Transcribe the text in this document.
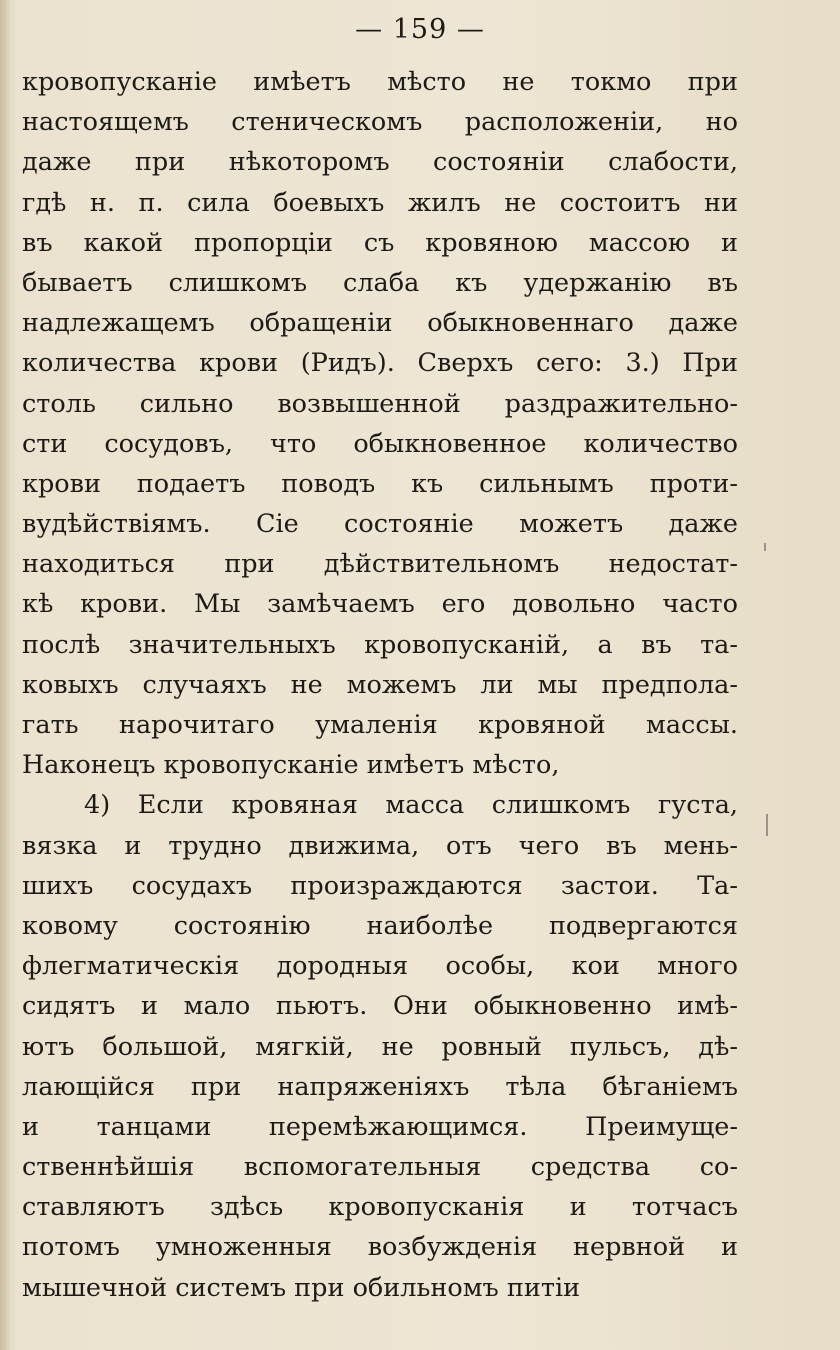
— 159 —
кровопусканіе имѣетъ мѣсто не токмо при
настоящемъ стеническомъ расположеніи, но
даже при нѣкоторомъ состояніи слабости,
гдѣ н. п. сила боевыхъ жилъ не состоитъ ни
въ какой пропорціи съ кровяною массою и
бываетъ слишкомъ слаба къ удержанію въ
надлежащемъ обращеніи обыкновеннаго даже
количества крови (Ридъ). Сверхъ сего: 3.) При
столь сильно возвышенной раздражительно-
сти сосудовъ, что обыкновенное количество
крови подаетъ поводъ къ сильнымъ проти-
вудѣйствіямъ. Сіе состояніе можетъ даже
находиться при дѣйствительномъ недостат-
кѣ крови. Мы замѣчаемъ его довольно часто
послѣ значительныхъ кровопусканій, а въ та-
ковыхъ случаяхъ не можемъ ли мы предпола-
гать нарочитаго умаленія кровяной массы.
Наконецъ кровопусканіе имѣетъ мѣсто,
4) Если кровяная масса слишкомъ густа,
вязка и трудно движима, отъ чего въ мень-
шихъ сосудахъ произраждаются застои. Та-
ковому состоянію наиболѣе подвергаются
флегматическія дородныя особы, кои много
сидятъ и мало пьютъ. Они обыкновенно имѣ-
ютъ большой, мягкій, не ровный пульсъ, дѣ-
лающійся при напряженіяхъ тѣла бѣганіемъ
и танцами перемѣжающимся. Преимуще-
ственнѣйшія вспомогательныя средства со-
ставляютъ здѣсь кровопусканія и тотчасъ
потомъ умноженныя возбужденія нервной и
мышечной системъ при обильномъ питіи
